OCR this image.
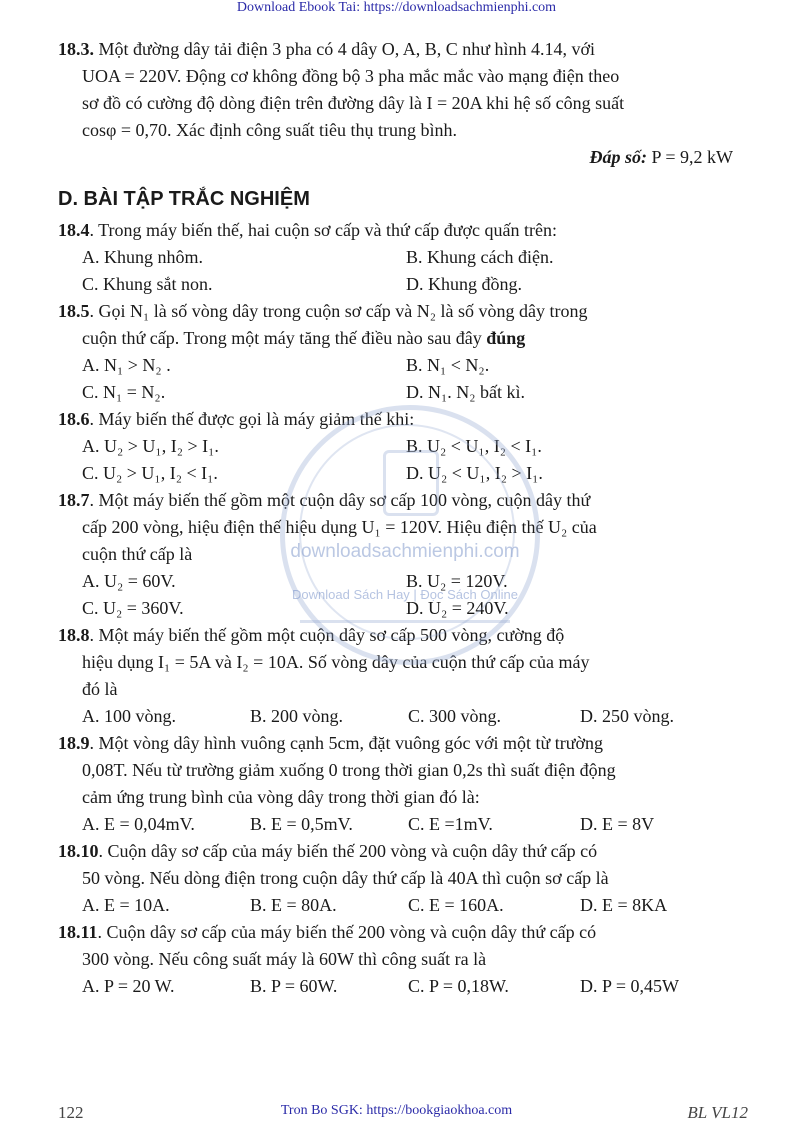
Download Ebook Tai: https://downloadsachmienphi.com

18.3. Một đường dây tải điện 3 pha có 4 dây O, A, B, C như hình 4.14, với

UOA = 220V. Động cơ không đồng bộ 3 pha mắc mắc vào mạng điện theo

sơ đồ có cường độ dòng điện trên đường dây là I = 20A khi hệ số công suất

cosφ = 0,70. Xác định công suất tiêu thụ trung bình.

Đáp số: P = 9,2 kW

D. BÀI TẬP TRẮC NGHIỆM

18.4. Trong máy biến thế, hai cuộn sơ cấp và thứ cấp được quấn trên:

A. Khung nhôm.	B. Khung cách điện.
C. Khung sắt non.	D. Khung đồng.

18.5. Gọi N₁ là số vòng dây trong cuộn sơ cấp và N₂ là số vòng dây trong

cuộn thứ cấp. Trong một máy tăng thế điều nào sau đây đúng

A. N₁ > N₂ .	B. N₁ < N₂.
C. N₁ = N₂.	D. N₁. N₂ bất kì.

18.6. Máy biến thế được gọi là máy giảm thế khi:

A. U₂ > U₁, I₂ > I₁.	B. U₂ < U₁, I₂ < I₁.
C. U₂ > U₁, I₂ < I₁.	D. U₂ < U₁, I₂ > I₁.

18.7. Một máy biến thế gồm một cuộn dây sơ cấp 100 vòng, cuộn dây thứ

cấp 200 vòng, hiệu điện thế hiệu dụng U₁ = 120V. Hiệu điện thế U₂ của

cuộn thứ cấp là

A. U₂ = 60V.	B. U₂ = 120V.
C. U₂ = 360V.	D. U₂ = 240V.

18.8. Một máy biến thế gồm một cuộn dây sơ cấp 500 vòng, cường độ

hiệu dụng I₁ = 5A và I₂ = 10A. Số vòng dây của cuộn thứ cấp của máy

đó là

A. 100 vòng.	B. 200 vòng.	C. 300 vòng.	D. 250 vòng.

18.9. Một vòng dây hình vuông cạnh 5cm, đặt vuông góc với một từ trường

0,08T. Nếu từ trường giảm xuống 0 trong thời gian 0,2s thì suất điện động

cảm ứng trung bình của vòng dây trong thời gian đó là:

A. E = 0,04mV.	B. E = 0,5mV.	C. E =1mV.	D. E = 8V

18.10. Cuộn dây sơ cấp của máy biến thế 200 vòng và cuộn dây thứ cấp có

50 vòng. Nếu dòng điện trong cuộn dây thứ cấp là 40A thì cuộn sơ cấp là

A. E = 10A.	B. E = 80A.	C. E = 160A.	D. E = 8KA

18.11. Cuộn dây sơ cấp của máy biến thế 200 vòng và cuộn dây thứ cấp có

300 vòng. Nếu công suất máy là 60W thì công suất ra là

A. P = 20 W.	B. P = 60W.	C. P = 0,18W.	D. P = 0,45W
downloadsachmienphi.com
Download Sách Hay | Đọc Sách Online
122	Tron Bo SGK: https://bookgiaokhoa.com	BL VL12
